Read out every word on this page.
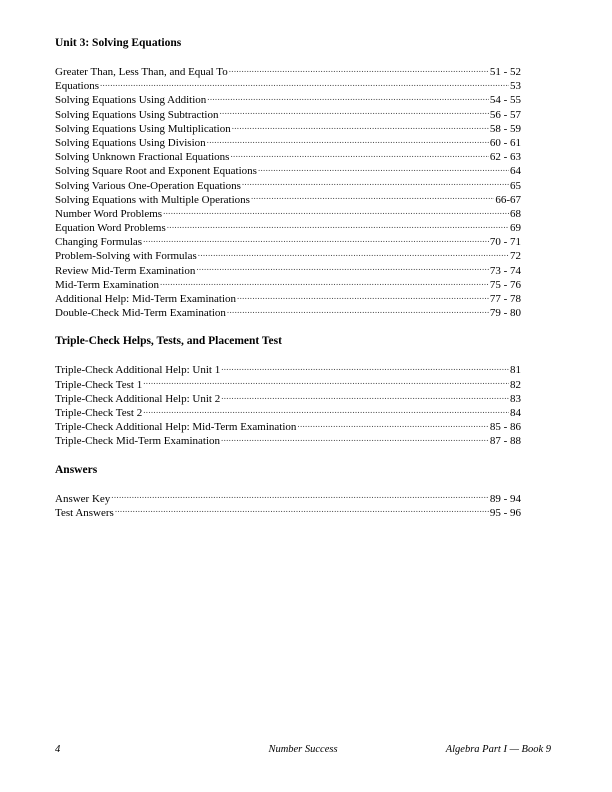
Unit 3: Solving Equations
Greater Than, Less Than, and Equal To .....	51 - 52
Equations .....	53
Solving Equations Using Addition .....	54 - 55
Solving Equations Using Subtraction .....	56 - 57
Solving Equations Using Multiplication .....	58 - 59
Solving Equations Using Division .....	60 - 61
Solving Unknown Fractional Equations .....	62 - 63
Solving Square Root and Exponent Equations .....	64
Solving Various One-Operation Equations .....	65
Solving Equations with Multiple Operations .....	66-67
Number Word Problems .....	68
Equation Word Problems .....	69
Changing Formulas .....	70 - 71
Problem-Solving with Formulas .....	72
Review Mid-Term Examination .....	73 - 74
Mid-Term Examination .....	75 - 76
Additional Help: Mid-Term Examination .....	77 - 78
Double-Check Mid-Term Examination .....	79 - 80
Triple-Check Helps, Tests, and Placement Test
Triple-Check Additional Help: Unit 1 .....	81
Triple-Check Test 1 .....	82
Triple-Check Additional Help: Unit 2 .....	83
Triple-Check Test 2 .....	84
Triple-Check Additional Help: Mid-Term Examination .....	85 - 86
Triple-Check Mid-Term Examination .....	87 - 88
Answers
Answer Key .....	89 - 94
Test Answers .....	95 - 96
4	Number Success	Algebra Part I — Book 9
